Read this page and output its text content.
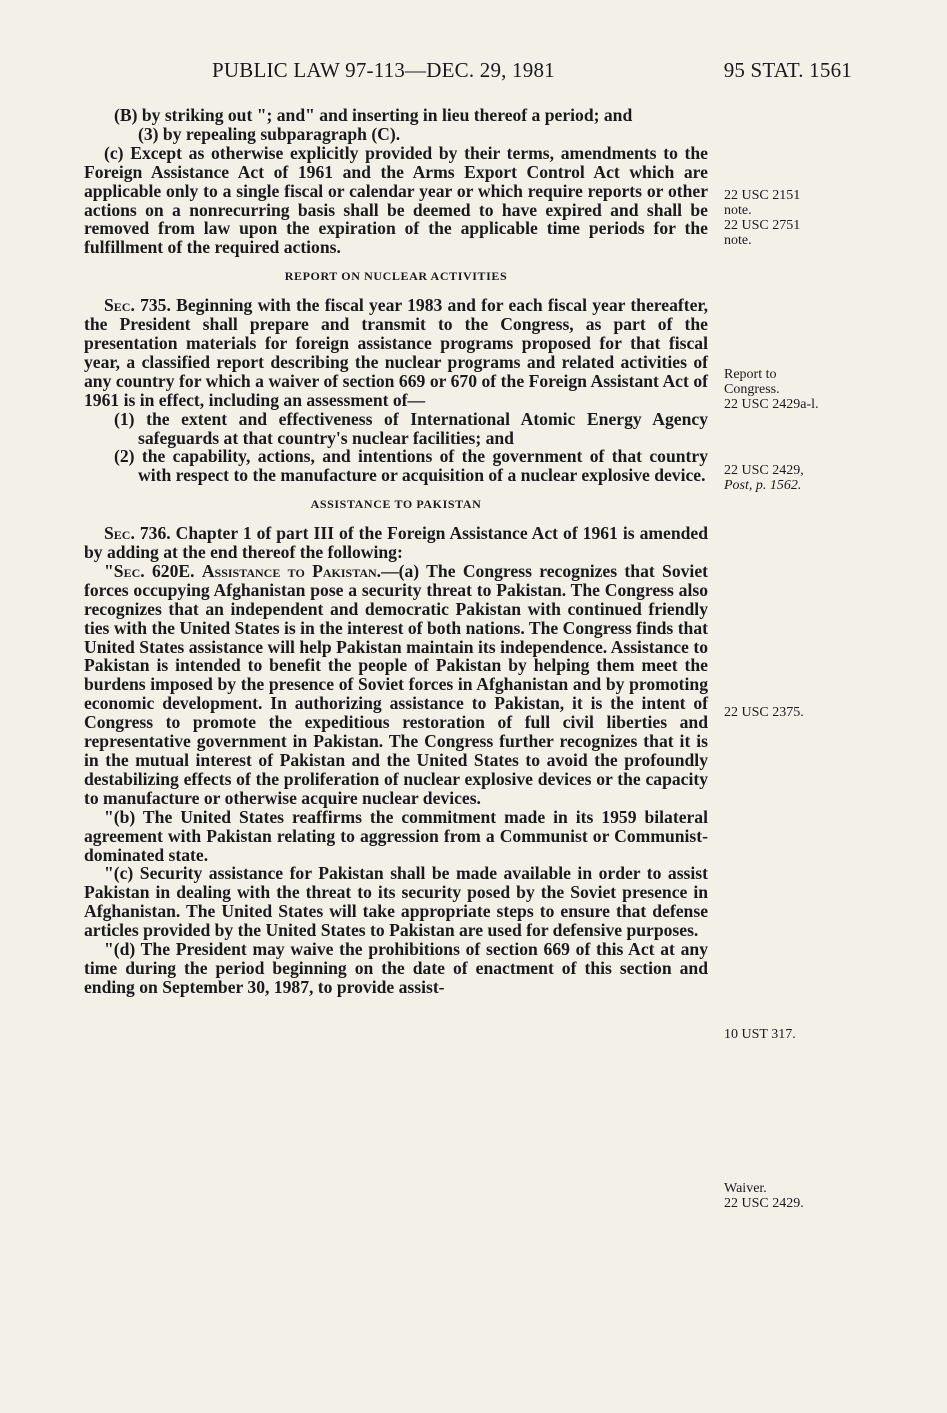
PUBLIC LAW 97-113—DEC. 29, 1981	95 STAT. 1561

(B) by striking out "; and" and inserting in lieu thereof a period; and

(3) by repealing subparagraph (C).

(c) Except as otherwise explicitly provided by their terms, amendments to the Foreign Assistance Act of 1961 and the Arms Export Control Act which are applicable only to a single fiscal or calendar year or which require reports or other actions on a nonrecurring basis shall be deemed to have expired and shall be removed from law upon the expiration of the applicable time periods for the fulfillment of the required actions.

REPORT ON NUCLEAR ACTIVITIES

Sec. 735. Beginning with the fiscal year 1983 and for each fiscal year thereafter, the President shall prepare and transmit to the Congress, as part of the presentation materials for foreign assistance programs proposed for that fiscal year, a classified report describing the nuclear programs and related activities of any country for which a waiver of section 669 or 670 of the Foreign Assistant Act of 1961 is in effect, including an assessment of—

(1) the extent and effectiveness of International Atomic Energy Agency safeguards at that country's nuclear facilities; and

(2) the capability, actions, and intentions of the government of that country with respect to the manufacture or acquisition of a nuclear explosive device.

ASSISTANCE TO PAKISTAN

Sec. 736. Chapter 1 of part III of the Foreign Assistance Act of 1961 is amended by adding at the end thereof the following:

"Sec. 620E. Assistance to Pakistan.—(a) The Congress recognizes that Soviet forces occupying Afghanistan pose a security threat to Pakistan. The Congress also recognizes that an independent and democratic Pakistan with continued friendly ties with the United States is in the interest of both nations. The Congress finds that United States assistance will help Pakistan maintain its independence. Assistance to Pakistan is intended to benefit the people of Pakistan by helping them meet the burdens imposed by the presence of Soviet forces in Afghanistan and by promoting economic development. In authorizing assistance to Pakistan, it is the intent of Congress to promote the expeditious restoration of full civil liberties and representative government in Pakistan. The Congress further recognizes that it is in the mutual interest of Pakistan and the United States to avoid the profoundly destabilizing effects of the proliferation of nuclear explosive devices or the capacity to manufacture or otherwise acquire nuclear devices.

"(b) The United States reaffirms the commitment made in its 1959 bilateral agreement with Pakistan relating to aggression from a Communist or Communist-dominated state.

"(c) Security assistance for Pakistan shall be made available in order to assist Pakistan in dealing with the threat to its security posed by the Soviet presence in Afghanistan. The United States will take appropriate steps to ensure that defense articles provided by the United States to Pakistan are used for defensive purposes.

"(d) The President may waive the prohibitions of section 669 of this Act at any time during the period beginning on the date of enactment of this section and ending on September 30, 1987, to provide assist-

22 USC 2151
note.
22 USC 2751
note.
Report to
Congress.
22 USC 2429a-l.
22 USC 2429,
Post, p. 1562.
22 USC 2375.
10 UST 317.
Waiver.
22 USC 2429.
